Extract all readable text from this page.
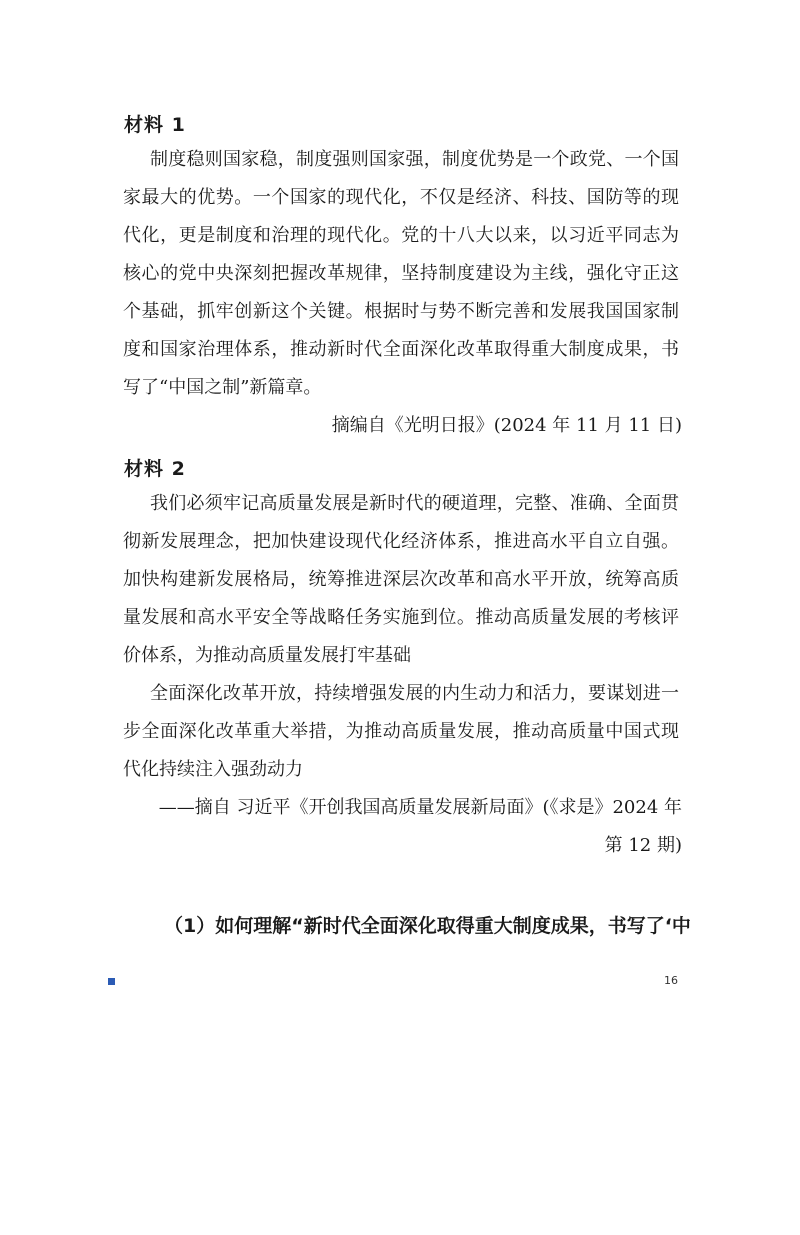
材料 1

制度稳则国家稳，制度强则国家强，制度优势是一个政党、一个国

家最大的优势。一个国家的现代化，不仅是经济、科技、国防等的现

代化，更是制度和治理的现代化。党的十八大以来，以习近平同志为

核心的党中央深刻把握改革规律，坚持制度建设为主线，强化守正这

个基础，抓牢创新这个关键。根据时与势不断完善和发展我国国家制

度和国家治理体系，推动新时代全面深化改革取得重大制度成果，书

写了“中国之制”新篇章。

摘编自《光明日报》(2024 年 11 月 11 日)

材料 2

我们必须牢记高质量发展是新时代的硬道理，完整、准确、全面贯

彻新发展理念，把加快建设现代化经济体系，推进高水平自立自强。

加快构建新发展格局，统筹推进深层次改革和高水平开放，统筹高质

量发展和高水平安全等战略任务实施到位。推动高质量发展的考核评

价体系，为推动高质量发展打牢基础

全面深化改革开放，持续增强发展的内生动力和活力，要谋划进一

步全面深化改革重大举措，为推动高质量发展，推动高质量中国式现

代化持续注入强劲动力

——摘自 习近平《开创我国高质量发展新局面》(《求是》2024 年

第 12 期)

（1）如何理解“新时代全面深化取得重大制度成果，书写了‘中

16
